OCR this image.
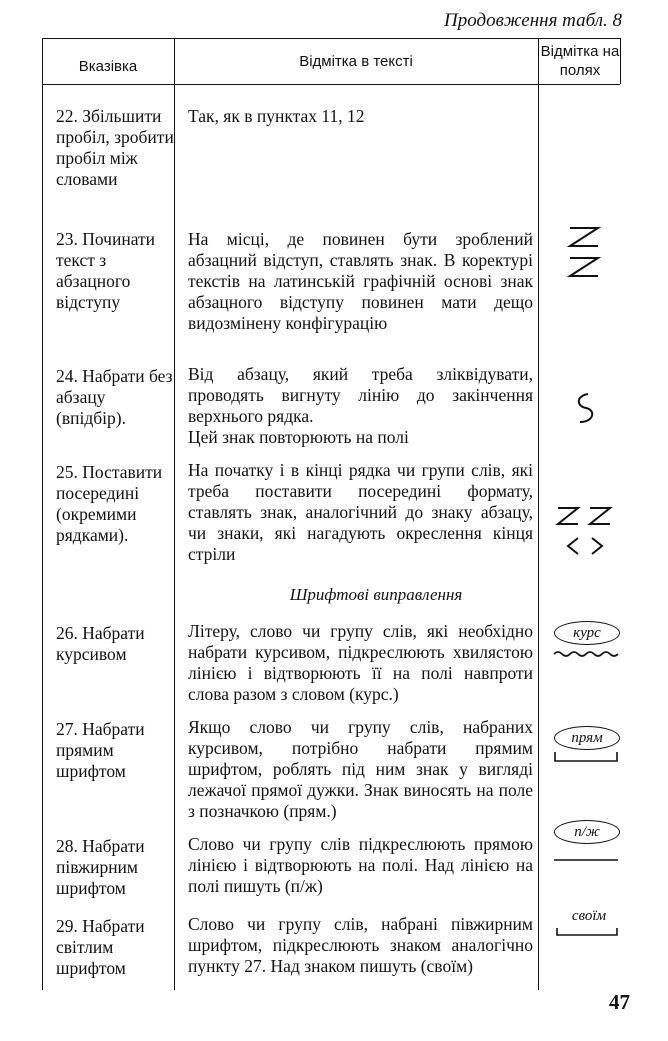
Продовження табл. 8
Вказівка	Відмітка в тексті
Відмітка на полях
22. Збільшити пробіл, зробити пробіл між словами
Так, як в пунктах 11, 12
23. Починати текст з абзацного відступу
На місці, де повинен бути зроблений абзацний відступ, ставлять знак. В коректурі текстів на латинській графічній основі знак абзацного відступу повинен мати дещо видозмінену конфігурацію
24. Набрати без абзацу (впідбір).
Від абзацу, який треба зліквідувати, проводять вигнуту лінію до закінчення верхнього рядка.
Цей знак повторюють на полі
25. Поставити посередині (окремими рядками).
На початку і в кінці рядка чи групи слів, які треба поставити посередині формату, ставлять знак, аналогічний до знаку абзацу, чи знаки, які нагадують окреслення кінця стріли
Шрифтові виправлення
26. Набрати курсивом
Літеру, слово чи групу слів, які необхідно набрати курсивом, підкреслюють хвилястою лінією і відтворюють її на полі навпроти слова разом з словом (курс.)
курс
27. Набрати прямим шрифтом
Якщо слово чи групу слів, набраних курсивом, потрібно набрати прямим шрифтом, роблять під ним знак у вигляді лежачої прямої дужки. Знак виносять на поле з позначкою (прям.)
прям
28. Набрати півжирним шрифтом
Слово чи групу слів підкреслюють прямою лінією і відтворюють на полі. Над лінією на полі пишуть (п/ж)
п/ж
29. Набрати світлим шрифтом
Слово чи групу слів, набрані півжирним шрифтом, підкреслюють знаком аналогічно пункту 27. Над знаком пишуть (своїм)
своїм
47
